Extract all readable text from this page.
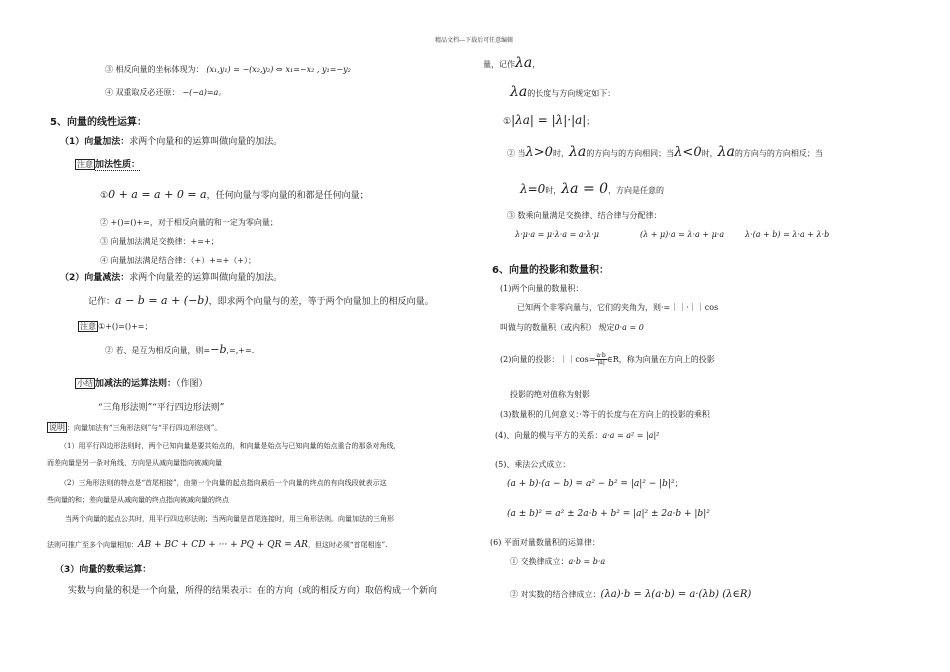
精品文档---下载后可任意编辑
③ 相反向量的坐标体现为： (x₁,y₁) = −(x₂,y₂) ⇔ x₁=−x₂ , y₁=−y₂
④ 双重取反必还原： −(−a)=a。
5、向量的线性运算：
（1）向量加法：求两个向量和的运算叫做向量的加法。
注意 加法性质：
①0 + a = a + 0 = a，任何向量与零向量的和都是任何向量；
② +()=()+=，对于相反向量的和一定为零向量；
③ 向量加法满足交换律：+=+；
④ 向量加法满足结合律：（+）+=+（+）；
（2）向量减法：求两个向量差的运算叫做向量的加法。
记作：a − b = a + (−b)，即求两个向量与的差，等于两个向量加上的相反向量。
注意 ①+()=()+=；
② 若、是互为相反向量，则=−b,=,+=.
小结 加减法的运算法则：（作图）
“三角形法则”“平行四边形法则”
说明 ：向量加法有“三角形法则”与“平行四边形法则”。
（1）用平行四边形法则时，两个已知向量是要共始点的，和向量是始点与已知向量的始点重合的那条对角线，
而差向量是另一条对角线，方向是从减向量指向被减向量
（2）三角形法则的特点是“首尾相接”，由第一个向量的起点指向最后一个向量的终点的有向线段就表示这
些向量的和；差向量是从减向量的终点指向被减向量的终点
当两个向量的起点公共时，用平行四边形法则；当两向量是首尾连接时，用三角形法则。向量加法的三角形
法则可推广至多个向量相加：AB + BC + CD + ··· + PQ + QR = AR，但这时必须“首尾相连”.
（3）向量的数乘运算：
实数与向量的积是一个向量，所得的结果表示：在的方向（或的相反方向）取倍构成一个新向
量，记作λa，
λa的长度与方向规定如下：
①|λa| = |λ|·|a|；
② 当λ>0时，λa的方向与的方向相同；当λ<0时，λa的方向与的方向相反；当
λ=0时，λa = 0，方向是任意的
③ 数乘向量满足交换律、结合律与分配律：
λ·μ·a = μ·λ·a = a·λ·μ	(λ + μ)·a = λ·a + μ·a	λ·(a + b) = λ·a + λ·b
6、向量的投影和数量积：
(1)两个向量的数量积：
已知两个非零向量与，它们的夹角为，则·=｜｜·｜｜cos
叫做与的数量积（或内积） 规定0·a = 0
(2)向量的投影：｜｜cos= $\frac{a\cdot b}{|a|}$ ∈R，称为向量在方向上的投影
投影的绝对值称为射影
(3)数量积的几何意义：·等于的长度与在方向上的投影的乘积
(4)、向量的模与平方的关系：a·a = a² = |a|²
(5)、乘法公式成立：
(a + b)·(a − b) = a² − b² = |a|² − |b|²；
(a ± b)² = a² ± 2a·b + b² = |a|² ± 2a·b + |b|²
(6) 平面对量数量积的运算律：
① 交换律成立：a·b = b·a
② 对实数的结合律成立：(λa)·b = λ(a·b) = a·(λb) (λ∈R)
